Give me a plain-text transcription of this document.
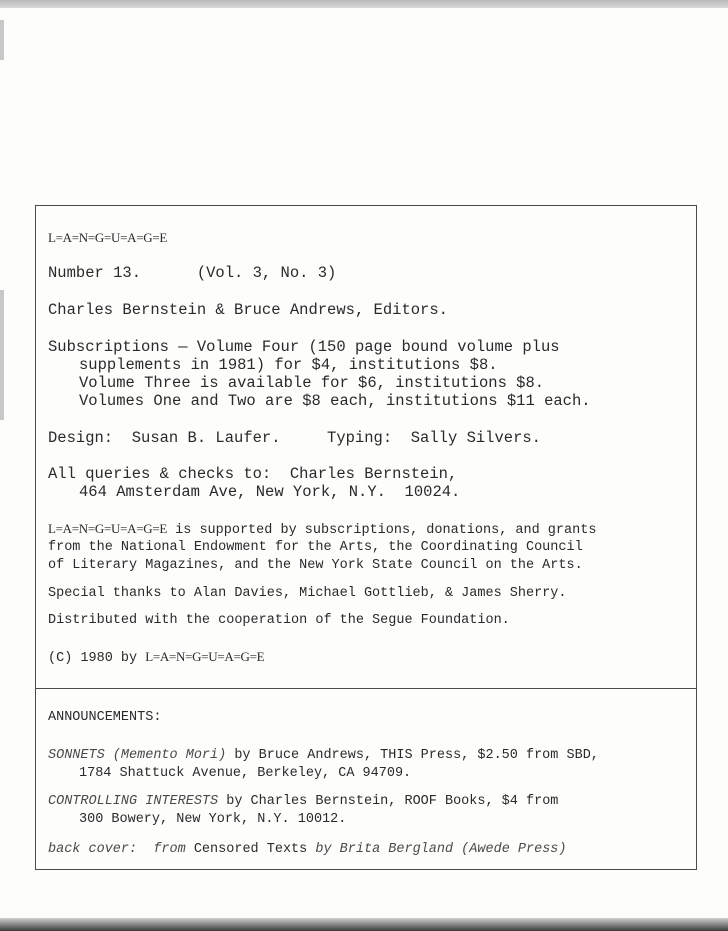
L=A=N=G=U=A=G=E
Number 13.      (Vol. 3, No. 3)
Charles Bernstein & Bruce Andrews, Editors.
Subscriptions — Volume Four (150 page bound volume plus
supplements in 1981) for $4, institutions $8.
Volume Three is available for $6, institutions $8.
Volumes One and Two are $8 each, institutions $11 each.
Design:  Susan B. Laufer.     Typing:  Sally Silvers.
All queries & checks to:  Charles Bernstein,
464 Amsterdam Ave, New York, N.Y.  10024.
L=A=N=G=U=A=G=E is supported by subscriptions, donations, and grants
from the National Endowment for the Arts, the Coordinating Council
of Literary Magazines, and the New York State Council on the Arts.
Special thanks to Alan Davies, Michael Gottlieb, & James Sherry.
Distributed with the cooperation of the Segue Foundation.
(C) 1980 by L=A=N=G=U=A=G=E
ANNOUNCEMENTS:
SONNETS (Memento Mori) by Bruce Andrews, THIS Press, $2.50 from SBD,
1784 Shattuck Avenue, Berkeley, CA 94709.
CONTROLLING INTERESTS by Charles Bernstein, ROOF Books, $4 from
300 Bowery, New York, N.Y. 10012.
back cover:  from Censored Texts by Brita Bergland (Awede Press)
